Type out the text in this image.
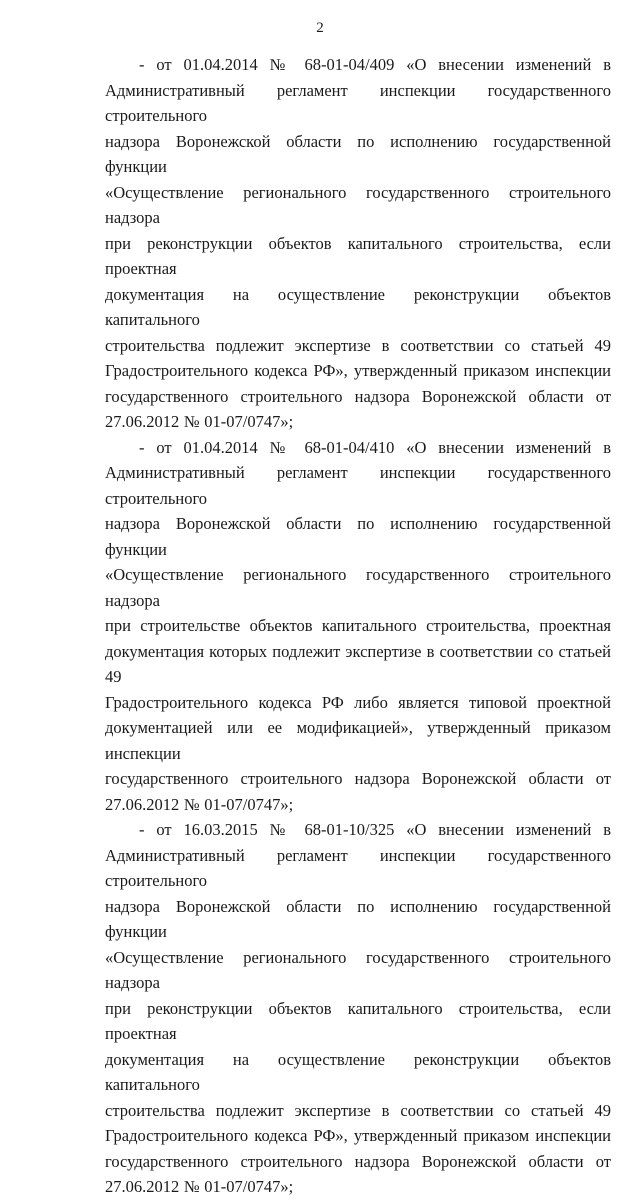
2
- от 01.04.2014 № 68-01-04/409 «О внесении изменений в
Административный регламент инспекции государственного строительного
надзора Воронежской области по исполнению государственной функции
«Осуществление регионального государственного строительного надзора
при реконструкции объектов капитального строительства, если проектная
документация на осуществление реконструкции объектов капитального
строительства подлежит экспертизе в соответствии со статьей 49
Градостроительного кодекса РФ», утвержденный приказом инспекции
государственного строительного надзора Воронежской области от
27.06.2012 № 01-07/0747»;
- от 01.04.2014 № 68-01-04/410 «О внесении изменений в
Административный регламент инспекции государственного строительного
надзора Воронежской области по исполнению государственной функции
«Осуществление регионального государственного строительного надзора
при строительстве объектов капитального строительства, проектная
документация которых подлежит экспертизе в соответствии со статьей 49
Градостроительного кодекса РФ либо является типовой проектной
документацией или ее модификацией», утвержденный приказом инспекции
государственного строительного надзора Воронежской области от
27.06.2012 № 01-07/0747»;
- от 16.03.2015 № 68-01-10/325 «О внесении изменений в
Административный регламент инспекции государственного строительного
надзора Воронежской области по исполнению государственной функции
«Осуществление регионального государственного строительного надзора
при реконструкции объектов капитального строительства, если проектная
документация на осуществление реконструкции объектов капитального
строительства подлежит экспертизе в соответствии со статьей 49
Градостроительного кодекса РФ», утвержденный приказом инспекции
государственного строительного надзора Воронежской области от
27.06.2012 № 01-07/0747»;
